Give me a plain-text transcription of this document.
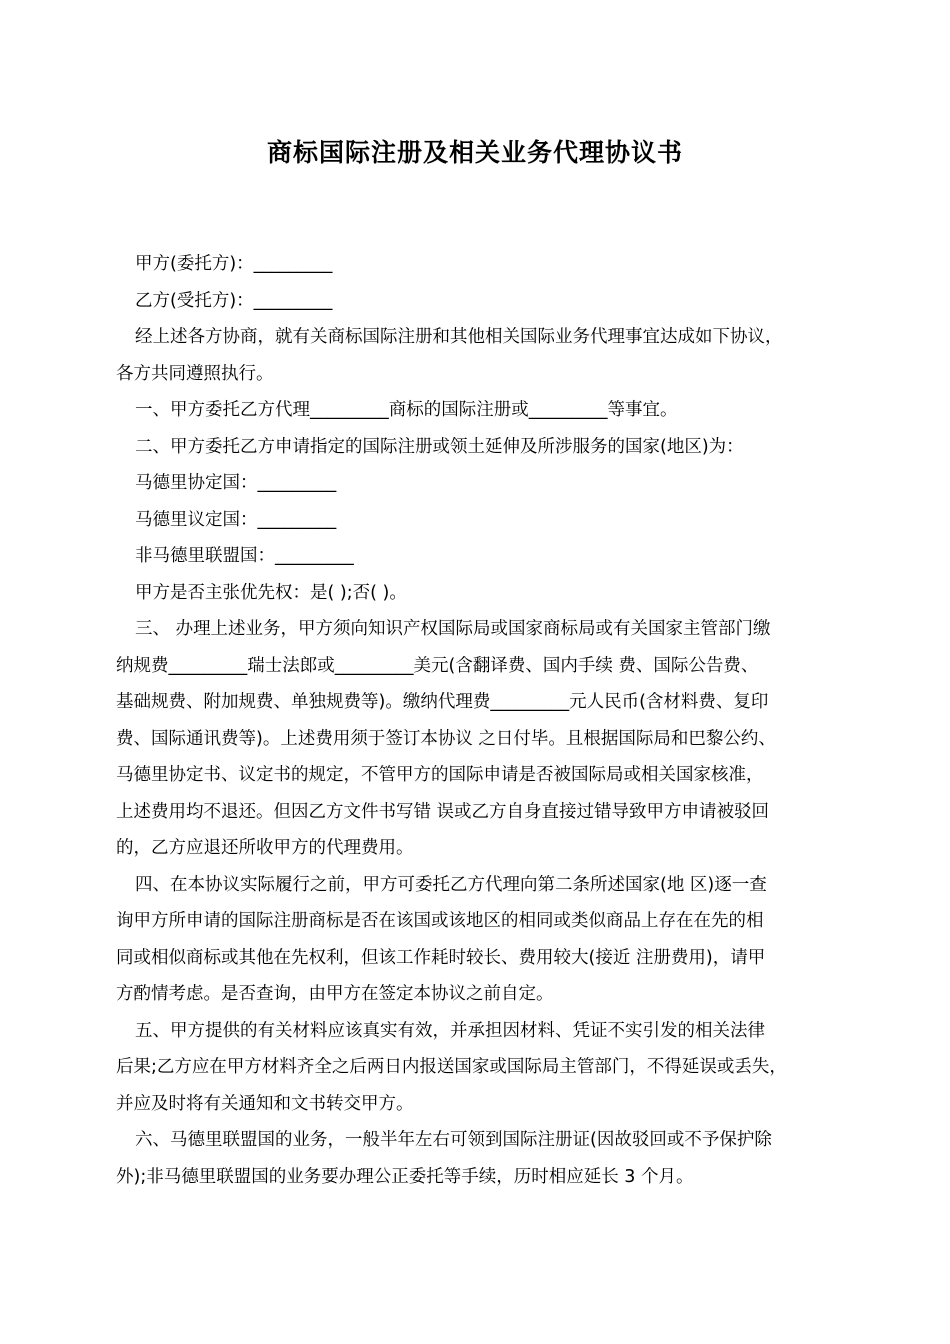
商标国际注册及相关业务代理协议书
甲方(委托方)：_________
乙方(受托方)：_________
经上述各方协商，就有关商标国际注册和其他相关国际业务代理事宜达成如下协议，
各方共同遵照执行。
一、甲方委托乙方代理_________商标的国际注册或_________等事宜。
二、甲方委托乙方申请指定的国际注册或领土延伸及所涉服务的国家(地区)为：
马德里协定国：_________
马德里议定国：_________
非马德里联盟国：_________
甲方是否主张优先权：是( );否( )。
三、 办理上述业务，甲方须向知识产权国际局或国家商标局或有关国家主管部门缴
纳规费_________瑞士法郎或_________美元(含翻译费、国内手续 费、国际公告费、
基础规费、附加规费、单独规费等)。缴纳代理费_________元人民币(含材料费、复印
费、国际通讯费等)。上述费用须于签订本协议 之日付毕。且根据国际局和巴黎公约、
马德里协定书、议定书的规定，不管甲方的国际申请是否被国际局或相关国家核准，
上述费用均不退还。但因乙方文件书写错 误或乙方自身直接过错导致甲方申请被驳回
的，乙方应退还所收甲方的代理费用。
四、在本协议实际履行之前，甲方可委托乙方代理向第二条所述国家(地 区)逐一查
询甲方所申请的国际注册商标是否在该国或该地区的相同或类似商品上存在在先的相
同或相似商标或其他在先权利，但该工作耗时较长、费用较大(接近 注册费用)，请甲
方酌情考虑。是否查询，由甲方在签定本协议之前自定。
五、甲方提供的有关材料应该真实有效，并承担因材料、凭证不实引发的相关法律
后果;乙方应在甲方材料齐全之后两日内报送国家或国际局主管部门，不得延误或丢失，
并应及时将有关通知和文书转交甲方。
六、马德里联盟国的业务，一般半年左右可领到国际注册证(因故驳回或不予保护除
外);非马德里联盟国的业务要办理公正委托等手续，历时相应延长 3 个月。
